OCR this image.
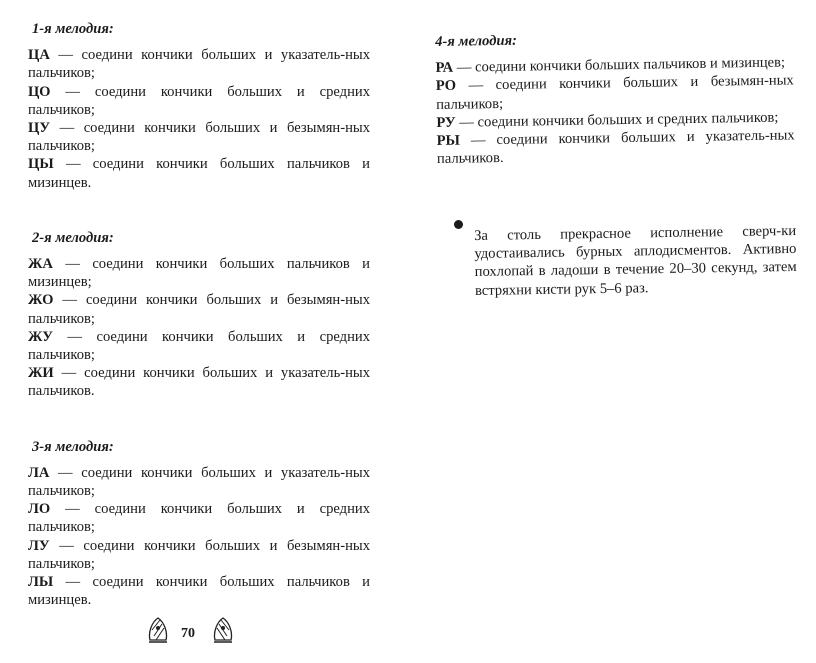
1-я мелодия:

ЦА — соедини кончики больших и указатель-ных пальчиков;

ЦО — соедини кончики больших и средних пальчиков;

ЦУ — соедини кончики больших и безымян-ных пальчиков;

ЦЫ — соедини кончики больших пальчиков и мизинцев.

2-я мелодия:

ЖА — соедини кончики больших пальчиков и мизинцев;

ЖО — соедини кончики больших и безымян-ных пальчиков;

ЖУ — соедини кончики больших и средних пальчиков;

ЖИ — соедини кончики больших и указатель-ных пальчиков.

3-я мелодия:

ЛА — соедини кончики больших и указатель-ных пальчиков;

ЛО — соедини кончики больших и средних пальчиков;

ЛУ — соедини кончики больших и безымян-ных пальчиков;

ЛЫ — соедини кончики больших пальчиков и мизинцев.

4-я мелодия:

РА — соедини кончики больших пальчиков и мизинцев;

РО — соедини кончики больших и безымян-ных пальчиков;

РУ — соедини кончики больших и средних пальчиков;

РЫ — соедини кончики больших и указатель-ных пальчиков.

За столь прекрасное исполнение сверч-ки удостаивались бурных аплодисментов. Активно похлопай в ладоши в течение 20–30 секунд, затем встряхни кисти рук 5–6 раз.

70
